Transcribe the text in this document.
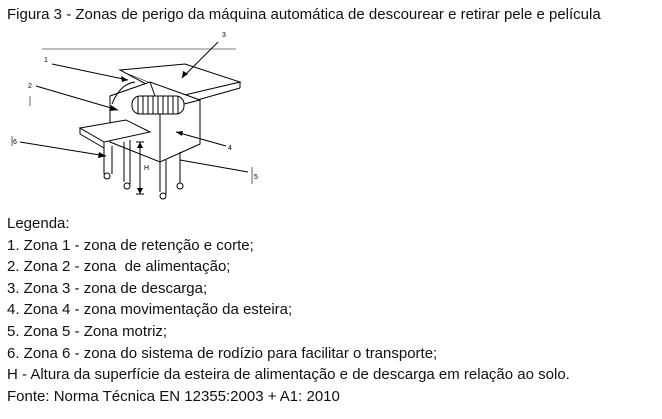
Figura 3 - Zonas de perigo da máquina automática de descourear e retirar pele e película
1
2
3
4
5
6
H
Legenda:
1. Zona 1 - zona de retenção e corte;
2. Zona 2 - zona  de alimentação;
3. Zona 3 - zona de descarga;
4. Zona 4 - zona movimentação da esteira;
5. Zona 5 - Zona motriz;
6. Zona 6 - zona do sistema de rodízio para facilitar o transporte;
H - Altura da superfície da esteira de alimentação e de descarga em relação ao solo.
Fonte: Norma Técnica EN 12355:2003 + A1: 2010
